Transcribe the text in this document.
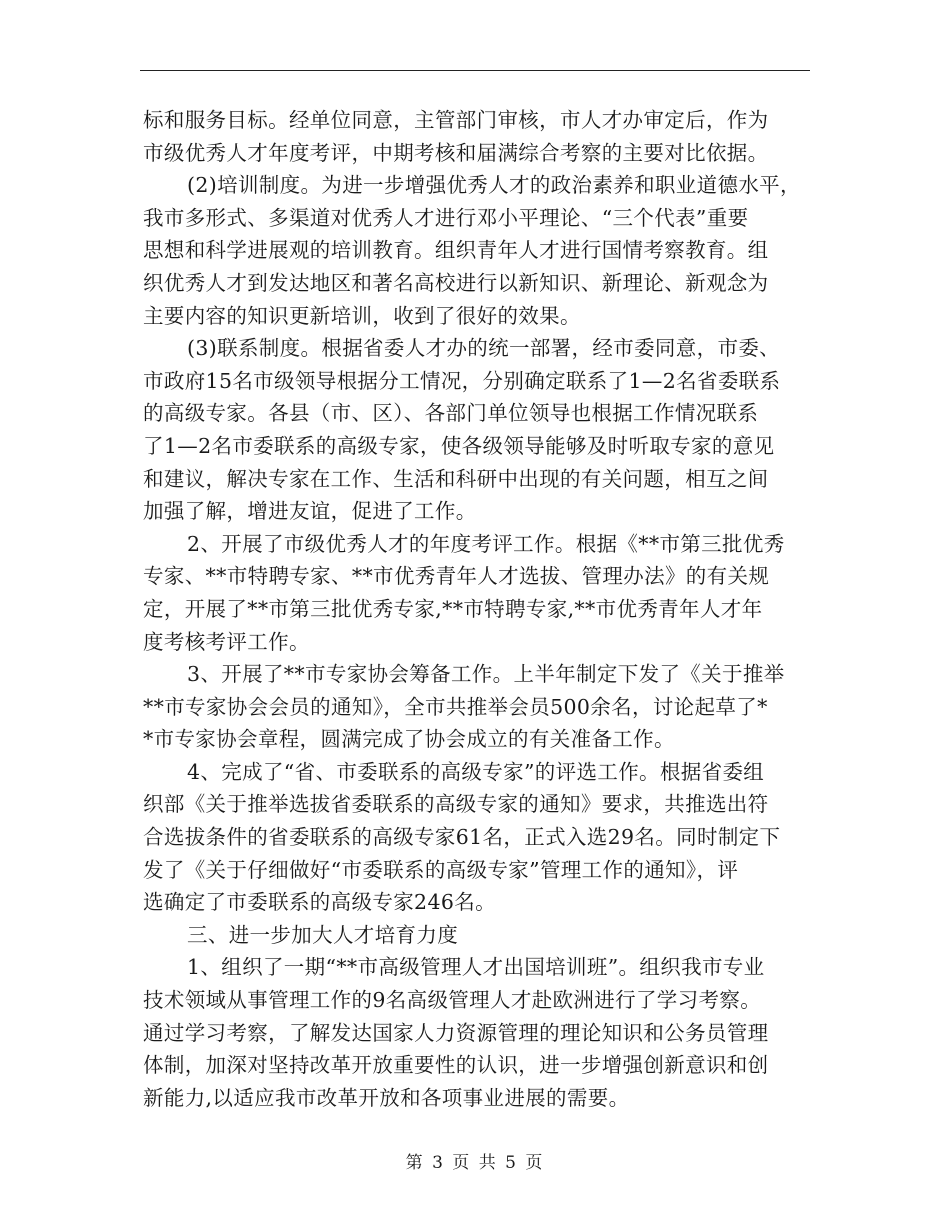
标和服务目标。经单位同意，主管部门审核，市人才办审定后，作为
市级优秀人才年度考评，中期考核和届满综合考察的主要对比依据。
(2)培训制度。为进一步增强优秀人才的政治素养和职业道德水平，
我市多形式、多渠道对优秀人才进行邓小平理论、“三个代表”重要
思想和科学进展观的培训教育。组织青年人才进行国情考察教育。组
织优秀人才到发达地区和著名高校进行以新知识、新理论、新观念为
主要内容的知识更新培训，收到了很好的效果。
(3)联系制度。根据省委人才办的统一部署，经市委同意，市委、
市政府15名市级领导根据分工情况，分别确定联系了1—2名省委联系
的高级专家。各县（市、区）、各部门单位领导也根据工作情况联系
了1—2名市委联系的高级专家，使各级领导能够及时听取专家的意见
和建议，解决专家在工作、生活和科研中出现的有关问题，相互之间
加强了解，增进友谊，促进了工作。
2、开展了市级优秀人才的年度考评工作。根据《**市第三批优秀
专家、**市特聘专家、**市优秀青年人才选拔、管理办法》的有关规
定，开展了**市第三批优秀专家,**市特聘专家,**市优秀青年人才年
度考核考评工作。
3、开展了**市专家协会筹备工作。上半年制定下发了《关于推举
**市专家协会会员的通知》，全市共推举会员500余名，讨论起草了*
*市专家协会章程，圆满完成了协会成立的有关准备工作。
4、完成了“省、市委联系的高级专家”的评选工作。根据省委组
织部《关于推举选拔省委联系的高级专家的通知》要求，共推选出符
合选拔条件的省委联系的高级专家61名，正式入选29名。同时制定下
发了《关于仔细做好“市委联系的高级专家”管理工作的通知》，评
选确定了市委联系的高级专家246名。
三、进一步加大人才培育力度
1、组织了一期“**市高级管理人才出国培训班”。组织我市专业
技术领域从事管理工作的9名高级管理人才赴欧洲进行了学习考察。
通过学习考察，了解发达国家人力资源管理的理论知识和公务员管理
体制，加深对坚持改革开放重要性的认识，进一步增强创新意识和创
新能力,以适应我市改革开放和各项事业进展的需要。
第 3 页 共 5 页
